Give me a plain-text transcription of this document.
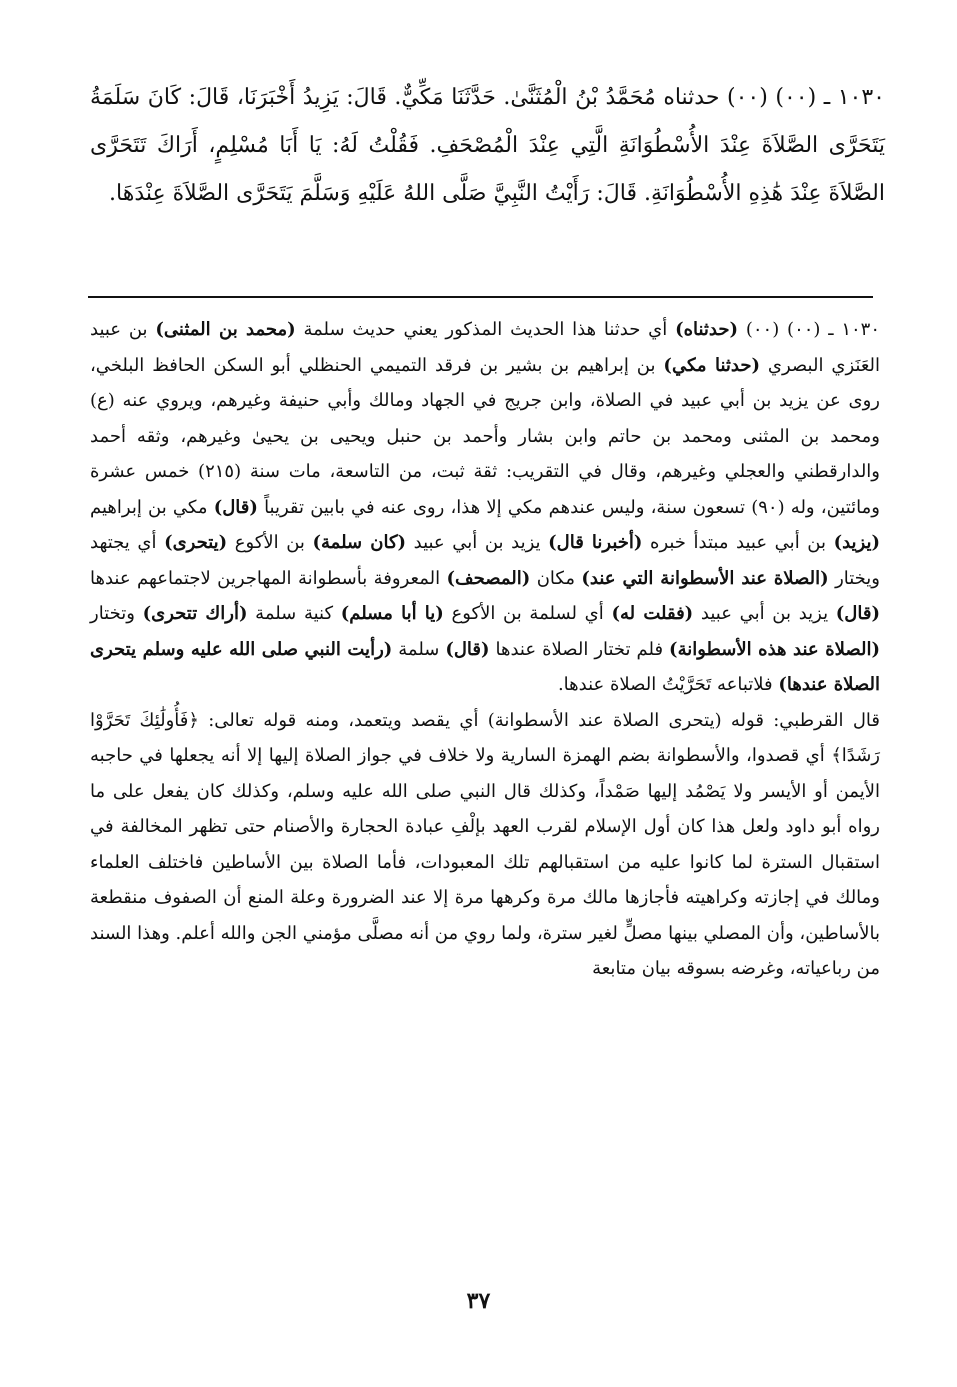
١٠٣٠ ـ (٠٠) (٠٠) حدثناه مُحَمَّدُ بْنُ الْمُثَنَّىٰ. حَدَّثَنَا مَكِّيٌّ. قَالَ: يَزِيدُ أَخْبَرَنَا، قَالَ: كَانَ سَلَمَةُ يَتَحَرَّى الصَّلاَةَ عِنْدَ الأُسْطُوَانَةِ الَّتِي عِنْدَ الْمُصْحَفِ. فَقُلْتُ لَهُ: يَا أَبَا مُسْلِمٍ، أَرَاكَ تَتَحَرَّى الصَّلاَةَ عِنْدَ هَٰذِهِ الأُسْطُوَانَةِ. قَالَ: رَأَيْتُ النَّبِيَّ صَلَّى اللهُ عَلَيْهِ وَسَلَّمَ يَتَحَرَّى الصَّلاَةَ عِنْدَهَا.

١٠٣٠ ـ (٠٠) (٠٠) (حدثناه) أي حدثنا هذا الحديث المذكور يعني حديث سلمة (محمد بن المثنى) بن عبيد العَنَزي البصري (حدثنا مكي) بن إبراهيم بن بشير بن فرقد التميمي الحنظلي أبو السكن الحافظ البلخي، روى عن يزيد بن أبي عبيد في الصلاة، وابن جريج في الجهاد ومالك وأبي حنيفة وغيرهم، ويروي عنه (ع) ومحمد بن المثنى ومحمد بن حاتم وابن بشار وأحمد بن حنبل ويحيى بن يحيىٰ وغيرهم، وثقه أحمد والدارقطني والعجلي وغيرهم، وقال في التقريب: ثقة ثبت، من التاسعة، مات سنة (٢١٥) خمس عشرة ومائتين، وله (٩٠) تسعون سنة، وليس عندهم مكي إلا هذا، روى عنه في بابين تقريباً (قال) مكي بن إبراهيم (يزيد) بن أبي عبيد مبتدأ خبره (أخبرنا قال) يزيد بن أبي عبيد (كان سلمة) بن الأكوع (يتحرى) أي يجتهد ويختار (الصلاة عند الأسطوانة التي عند) مكان (المصحف) المعروفة بأسطوانة المهاجرين لاجتماعهم عندها (قال) يزيد بن أبي عبيد (فقلت له) أي لسلمة بن الأكوع (يا أبا مسلم) كنية سلمة (أراك تتحرى) وتختار (الصلاة عند هذه الأسطوانة) فلم تختار الصلاة عندها (قال) سلمة (رأيت النبي صلى الله عليه وسلم يتحرى الصلاة عندها) فلاتباعه تَحَرَّيْتُ الصلاة عندها.

قال القرطبي: قوله (يتحرى الصلاة عند الأسطوانة) أي يقصد ويتعمد، ومنه قوله تعالى: ﴿فَأُولَٰئِكَ تَحَرَّوْا رَشَدًا﴾ أي قصدوا، والأسطوانة بضم الهمزة السارية ولا خلاف في جواز الصلاة إليها إلا أنه يجعلها في حاجبه الأيمن أو الأيسر ولا يَصْمُد إليها صَمْداً، وكذلك قال النبي صلى الله عليه وسلم، وكذلك كان يفعل على ما رواه أبو داود ولعل هذا كان أول الإسلام لقرب العهد بإلْفِ عبادة الحجارة والأصنام حتى تظهر المخالفة في استقبال السترة لما كانوا عليه من استقبالهم تلك المعبودات، فأما الصلاة بين الأساطين فاختلف العلماء ومالك في إجازته وكراهيته فأجازها مالك مرة وكرهها مرة إلا عند الضرورة وعلة المنع أن الصفوف منقطعة بالأساطين، وأن المصلي بينها مصلٍّ لغير سترة، ولما روي من أنه مصلَّى مؤمني الجن والله أعلم. وهذا السند من رباعياته، وغرضه بسوقه بيان متابعة

٣٧
